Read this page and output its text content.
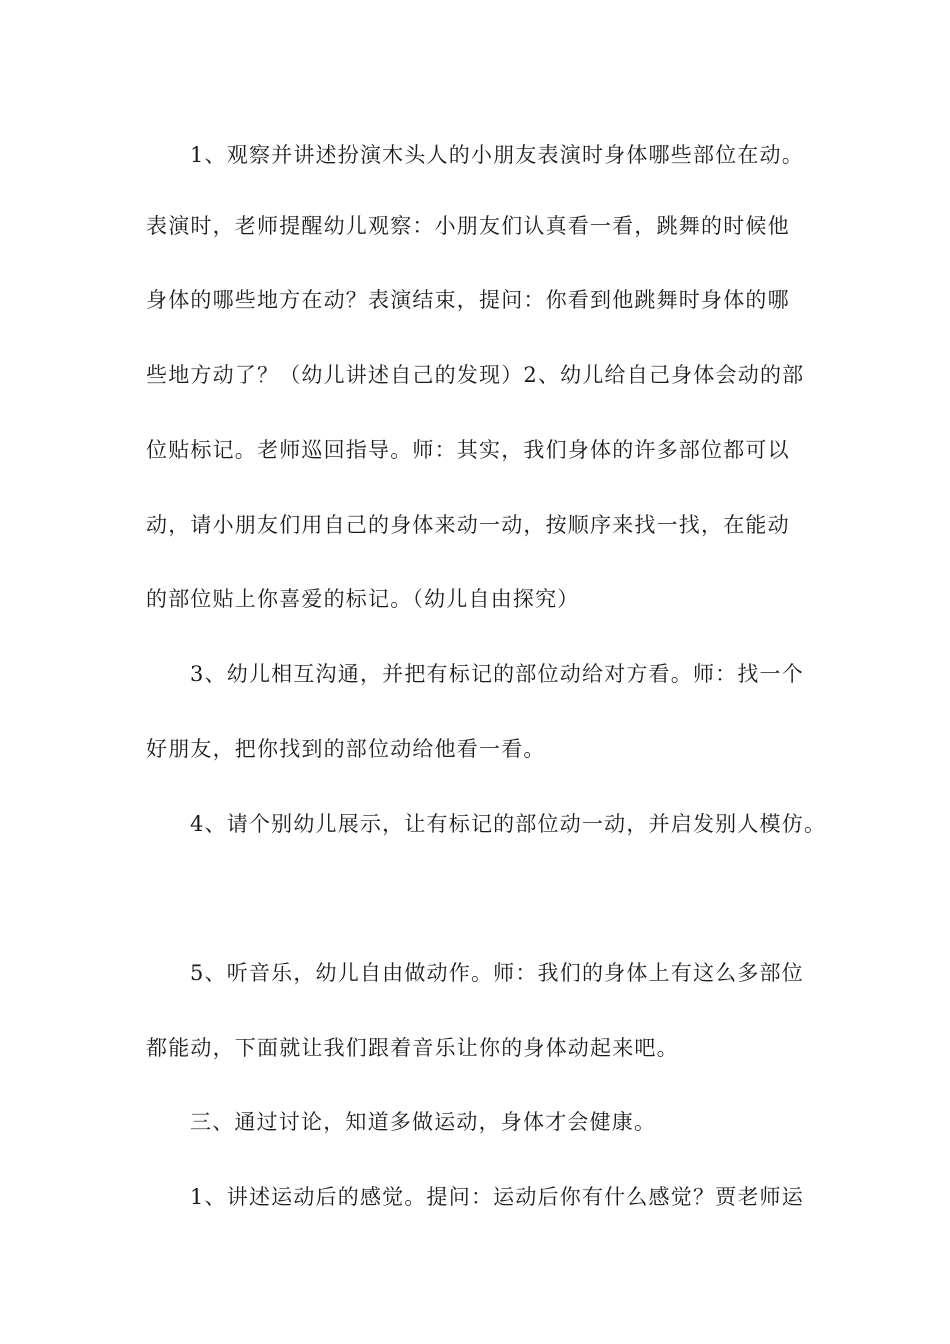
1、观察并讲述扮演木头人的小朋友表演时身体哪些部位在动。
表演时，老师提醒幼儿观察：小朋友们认真看一看，跳舞的时候他
身体的哪些地方在动？表演结束，提问：你看到他跳舞时身体的哪
些地方动了？（幼儿讲述自己的发现）2、幼儿给自己身体会动的部
位贴标记。老师巡回指导。师：其实，我们身体的许多部位都可以
动，请小朋友们用自己的身体来动一动，按顺序来找一找，在能动
的部位贴上你喜爱的标记。（幼儿自由探究）
3、幼儿相互沟通，并把有标记的部位动给对方看。师：找一个
好朋友，把你找到的部位动给他看一看。
4、请个别幼儿展示，让有标记的部位动一动，并启发别人模仿。
5、听音乐，幼儿自由做动作。师：我们的身体上有这么多部位
都能动，下面就让我们跟着音乐让你的身体动起来吧。
三、通过讨论，知道多做运动，身体才会健康。
1、讲述运动后的感觉。提问：运动后你有什么感觉？贾老师运
